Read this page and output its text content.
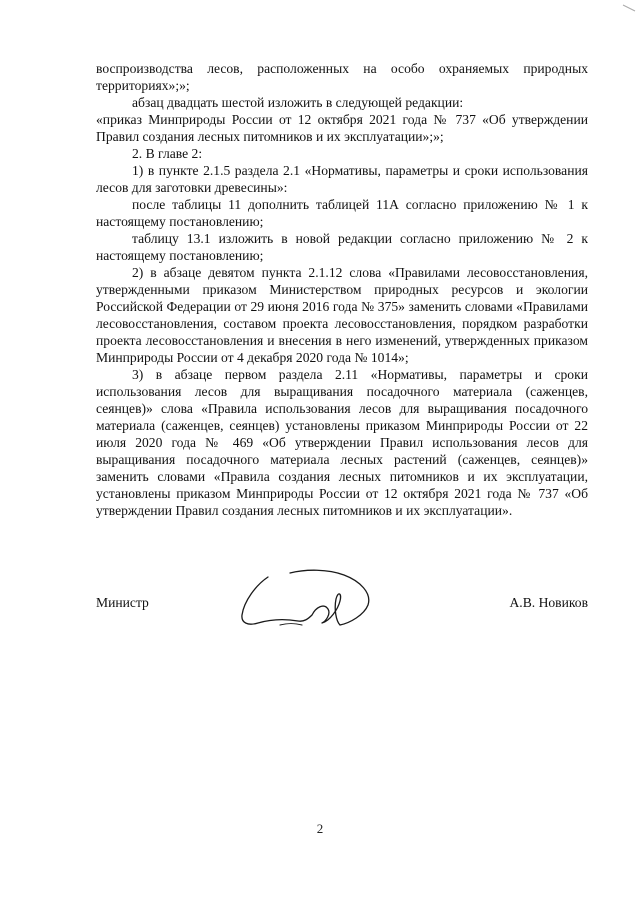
воспроизводства лесов, расположенных на особо охраняемых природных территориях»;»;

абзац двадцать шестой изложить в следующей редакции:

«приказ Минприроды России от 12 октября 2021 года № 737 «Об утверждении Правил создания лесных питомников и их эксплуатации»;»;

2. В главе 2:

1) в пункте 2.1.5 раздела 2.1 «Нормативы, параметры и сроки использования лесов для заготовки древесины»:

после таблицы 11 дополнить таблицей 11А согласно приложению № 1 к настоящему постановлению;

таблицу 13.1 изложить в новой редакции согласно приложению № 2 к настоящему постановлению;

2) в абзаце девятом пункта 2.1.12 слова «Правилами лесовосстановления, утвержденными приказом Министерством природных ресурсов и экологии Российской Федерации от 29 июня 2016 года № 375» заменить словами «Правилами лесовосстановления, составом проекта лесовосстановления, порядком разработки проекта лесовосстановления и внесения в него изменений, утвержденных приказом Минприроды России от 4 декабря 2020 года № 1014»;

3) в абзаце первом раздела 2.11 «Нормативы, параметры и сроки использования лесов для выращивания посадочного материала (саженцев, сеянцев)» слова «Правила использования лесов для выращивания посадочного материала (саженцев, сеянцев) установлены приказом Минприроды России от 22 июля 2020 года № 469 «Об утверждении Правил использования лесов для выращивания посадочного материала лесных растений (саженцев, сеянцев)» заменить словами «Правила создания лесных питомников и их эксплуатации, установлены приказом Минприроды России от 12 октября 2021 года № 737 «Об утверждении Правил создания лесных питомников и их эксплуатации».

Министр	А.В. Новиков
2
